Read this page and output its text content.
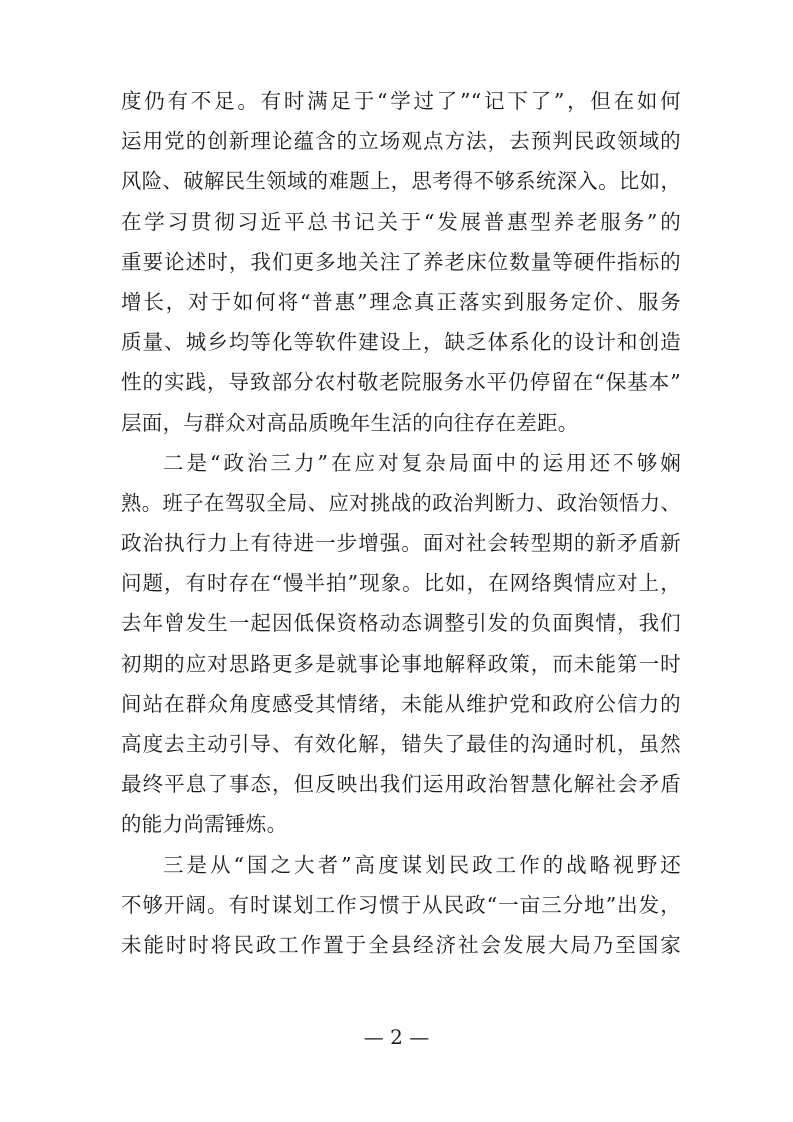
度仍有不足。有时满足于“学过了”“记下了”，但在如何
运用党的创新理论蕴含的立场观点方法，去预判民政领域的
风险、破解民生领域的难题上，思考得不够系统深入。比如，
在学习贯彻习近平总书记关于“发展普惠型养老服务”的
重要论述时，我们更多地关注了养老床位数量等硬件指标的
增长，对于如何将“普惠”理念真正落实到服务定价、服务
质量、城乡均等化等软件建设上，缺乏体系化的设计和创造
性的实践，导致部分农村敬老院服务水平仍停留在“保基本”
层面，与群众对高品质晚年生活的向往存在差距。
二是“政治三力”在应对复杂局面中的运用还不够娴
熟。班子在驾驭全局、应对挑战的政治判断力、政治领悟力、
政治执行力上有待进一步增强。面对社会转型期的新矛盾新
问题，有时存在“慢半拍”现象。比如，在网络舆情应对上，
去年曾发生一起因低保资格动态调整引发的负面舆情，我们
初期的应对思路更多是就事论事地解释政策，而未能第一时
间站在群众角度感受其情绪，未能从维护党和政府公信力的
高度去主动引导、有效化解，错失了最佳的沟通时机，虽然
最终平息了事态，但反映出我们运用政治智慧化解社会矛盾
的能力尚需锤炼。
三是从“国之大者”高度谋划民政工作的战略视野还
不够开阔。有时谋划工作习惯于从民政“一亩三分地”出发，
未能时时将民政工作置于全县经济社会发展大局乃至国家
— 2 —
